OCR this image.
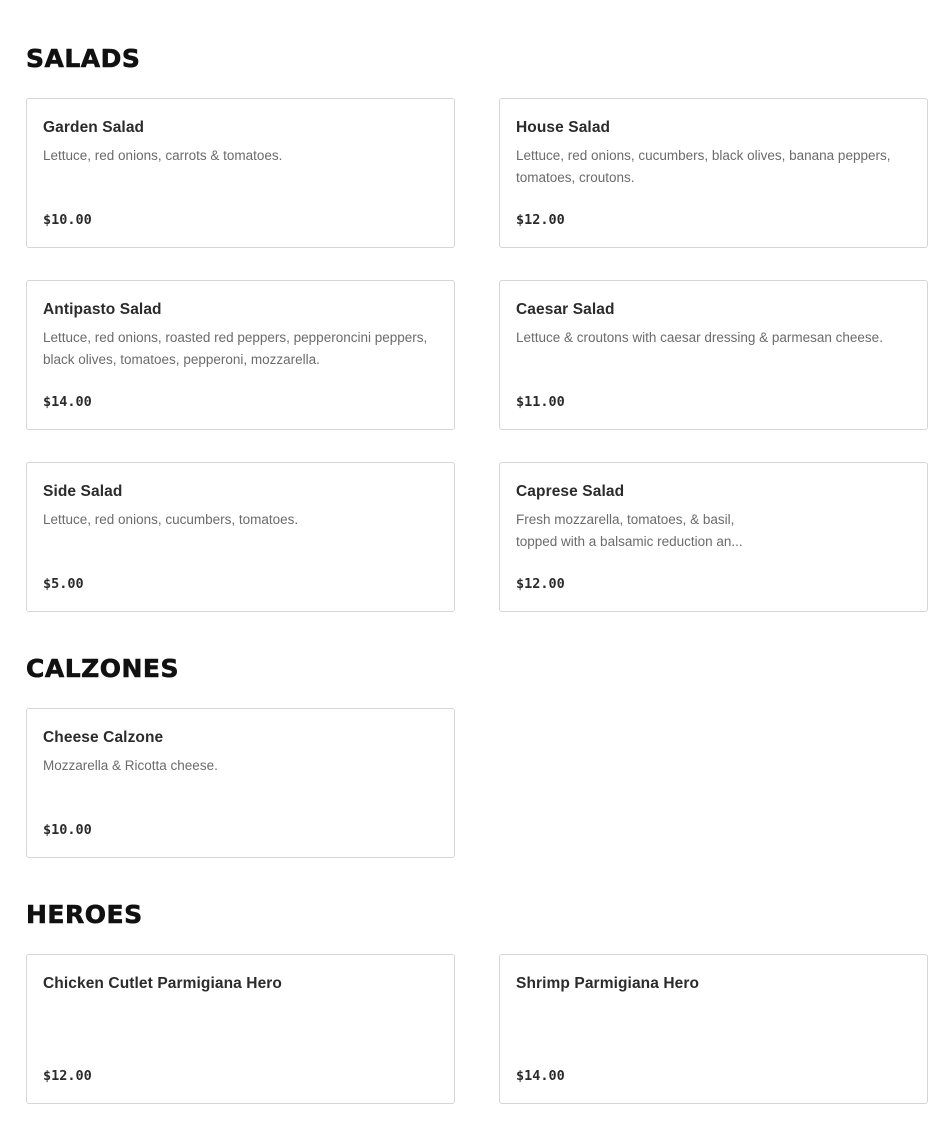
SALADS
Garden Salad
Lettuce, red onions, carrots & tomatoes.
$10.00
House Salad
Lettuce, red onions, cucumbers, black olives, banana peppers, tomatoes, croutons.
$12.00
Antipasto Salad
Lettuce, red onions, roasted red peppers, pepperoncini peppers, black olives, tomatoes, pepperoni, mozzarella.
$14.00
Caesar Salad
Lettuce & croutons with caesar dressing & parmesan cheese.
$11.00
Side Salad
Lettuce, red onions, cucumbers, tomatoes.
$5.00
Caprese Salad
Fresh mozzarella, tomatoes, & basil,
topped with a balsamic reduction an...
$12.00
CALZONES
Cheese Calzone
Mozzarella & Ricotta cheese.
$10.00
HEROES
Chicken Cutlet Parmigiana Hero
$12.00
Shrimp Parmigiana Hero
$14.00
